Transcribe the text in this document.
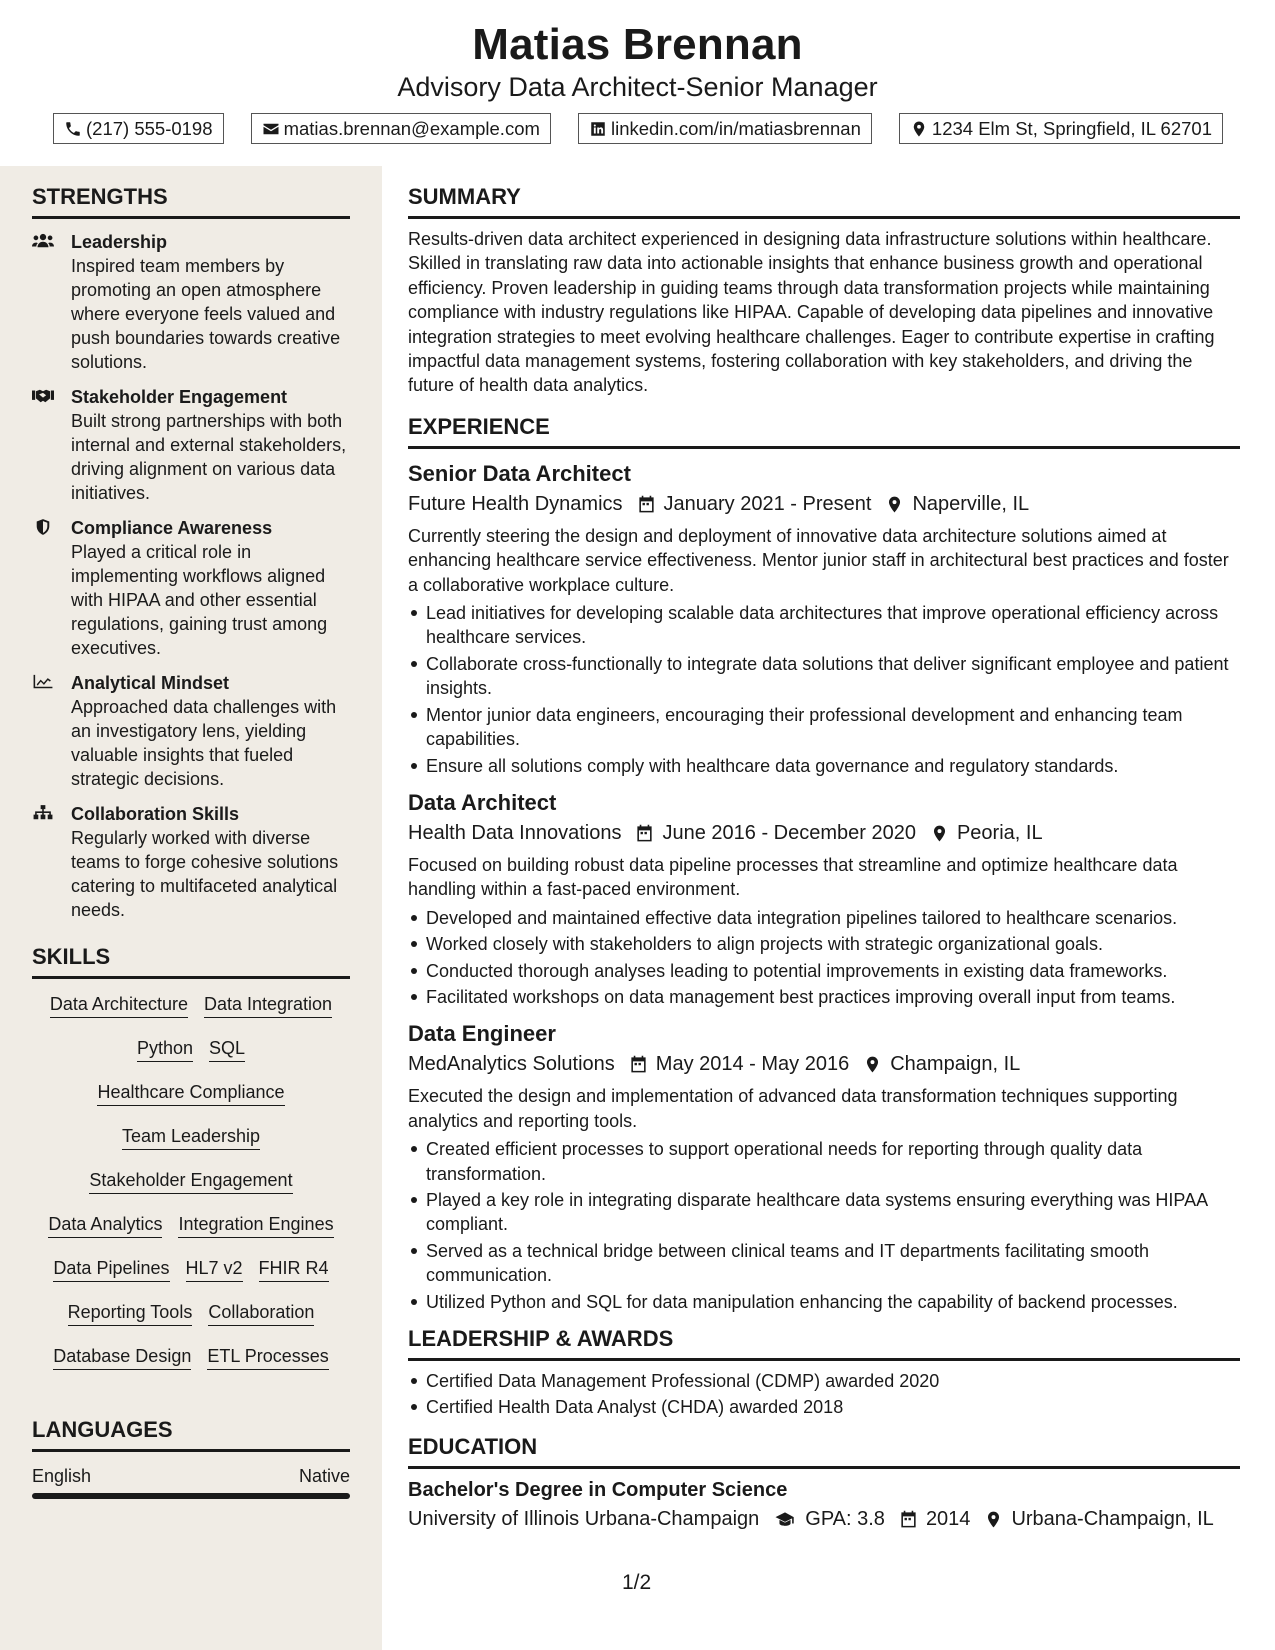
Matias Brennan
Advisory Data Architect-Senior Manager
(217) 555-0198	matias.brennan@example.com	linkedin.com/in/matiasbrennan	1234 Elm St, Springfield, IL 62701
STRENGTHS
Leadership
Inspired team members by promoting an open atmosphere where everyone feels valued and push boundaries towards creative solutions.
Stakeholder Engagement
Built strong partnerships with both internal and external stakeholders, driving alignment on various data initiatives.
Compliance Awareness
Played a critical role in implementing workflows aligned with HIPAA and other essential regulations, gaining trust among executives.
Analytical Mindset
Approached data challenges with an investigatory lens, yielding valuable insights that fueled strategic decisions.
Collaboration Skills
Regularly worked with diverse teams to forge cohesive solutions catering to multifaceted analytical needs.
SKILLS
Data Architecture Data Integration
Python SQL
Healthcare Compliance
Team Leadership
Stakeholder Engagement
Data Analytics Integration Engines
Data Pipelines HL7 v2 FHIR R4
Reporting Tools Collaboration
Database Design ETL Processes
LANGUAGES
English	Native
SUMMARY
Results-driven data architect experienced in designing data infrastructure solutions within healthcare. Skilled in translating raw data into actionable insights that enhance business growth and operational efficiency. Proven leadership in guiding teams through data transformation projects while maintaining compliance with industry regulations like HIPAA. Capable of developing data pipelines and innovative integration strategies to meet evolving healthcare challenges. Eager to contribute expertise in crafting impactful data management systems, fostering collaboration with key stakeholders, and driving the future of health data analytics.
EXPERIENCE
Senior Data Architect
Future Health Dynamics January 2021 - Present Naperville, IL
Currently steering the design and deployment of innovative data architecture solutions aimed at enhancing healthcare service effectiveness. Mentor junior staff in architectural best practices and foster a collaborative workplace culture.
Lead initiatives for developing scalable data architectures that improve operational efficiency across healthcare services.
Collaborate cross-functionally to integrate data solutions that deliver significant employee and patient insights.
Mentor junior data engineers, encouraging their professional development and enhancing team capabilities.
Ensure all solutions comply with healthcare data governance and regulatory standards.
Data Architect
Health Data Innovations June 2016 - December 2020 Peoria, IL
Focused on building robust data pipeline processes that streamline and optimize healthcare data handling within a fast-paced environment.
Developed and maintained effective data integration pipelines tailored to healthcare scenarios.
Worked closely with stakeholders to align projects with strategic organizational goals.
Conducted thorough analyses leading to potential improvements in existing data frameworks.
Facilitated workshops on data management best practices improving overall input from teams.
Data Engineer
MedAnalytics Solutions May 2014 - May 2016 Champaign, IL
Executed the design and implementation of advanced data transformation techniques supporting analytics and reporting tools.
Created efficient processes to support operational needs for reporting through quality data transformation.
Played a key role in integrating disparate healthcare data systems ensuring everything was HIPAA compliant.
Served as a technical bridge between clinical teams and IT departments facilitating smooth communication.
Utilized Python and SQL for data manipulation enhancing the capability of backend processes.
LEADERSHIP & AWARDS
Certified Data Management Professional (CDMP) awarded 2020
Certified Health Data Analyst (CHDA) awarded 2018
EDUCATION
Bachelor's Degree in Computer Science
University of Illinois Urbana-Champaign GPA: 3.8 2014 Urbana-Champaign, IL
1/2
